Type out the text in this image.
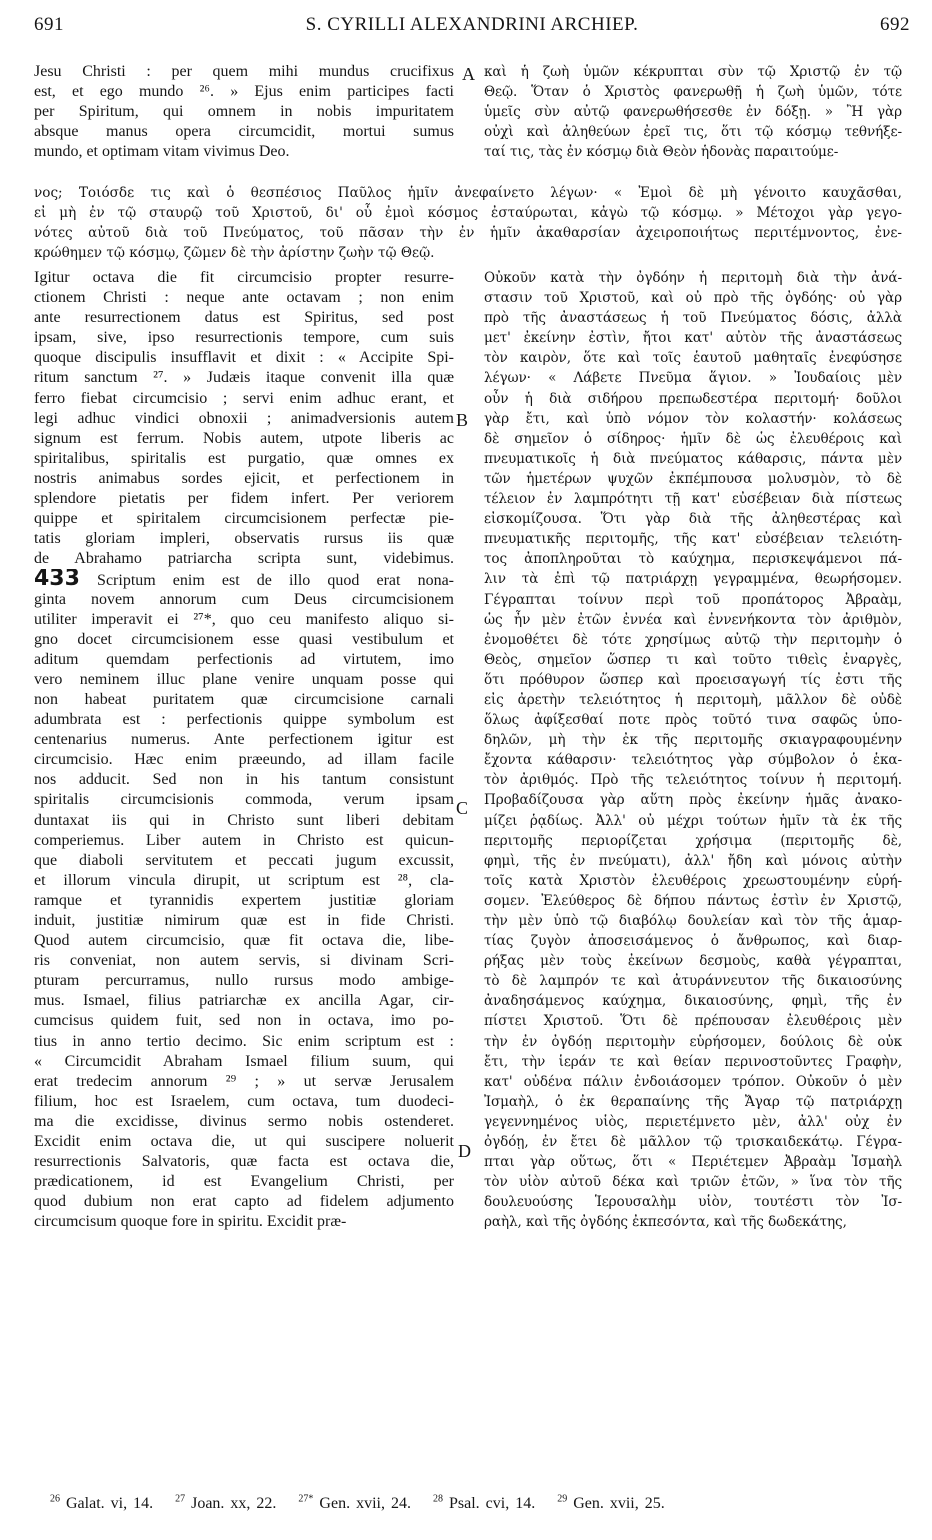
691	S. CYRILLI ALEXANDRINI ARCHIEP.	692
Jesu Christi : per quem mihi mundus crucifixus
est, et ego mundo ²⁶. » Ejus enim participes facti
per Spiritum, qui omnem in nobis impuritatem
absque manus opera circumcidit, mortui sumus
mundo, et optimam vitam vivimus Deo.
καὶ ἡ ζωὴ ὑμῶν κέκρυπται σὺν τῷ Χριστῷ ἐν τῷ
Θεῷ. Ὅταν ὁ Χριστὸς φανερωθῇ ἡ ζωὴ ὑμῶν, τότε
ὑμεῖς σὺν αὐτῷ φανερωθήσεσθε ἐν δόξῃ. » Ἢ γὰρ
οὐχὶ καὶ ἀληθεύων ἐρεῖ τις, ὅτι τῷ κόσμῳ τεθνήξε-
ταί τις, τὰς ἐν κόσμῳ διὰ Θεὸν ἡδονὰς παραιτούμε-
νος; Τοιόσδε τις καὶ ὁ θεσπέσιος Παῦλος ἡμῖν ἀνεφαίνετο λέγων· « Ἐμοὶ δὲ μὴ γένοιτο καυχᾶσθαι,
εἰ μὴ ἐν τῷ σταυρῷ τοῦ Χριστοῦ, δι' οὗ ἐμοὶ κόσμος ἐσταύρωται, κἀγὼ τῷ κόσμῳ. » Μέτοχοι γὰρ γεγο-
νότες αὐτοῦ διὰ τοῦ Πνεύματος, τοῦ πᾶσαν τὴν ἐν ἡμῖν ἀκαθαρσίαν ἀχειροποιήτως περιτέμνοντος, ἐνε-
κρώθημεν τῷ κόσμῳ, ζῶμεν δὲ τὴν ἀρίστην ζωὴν τῷ Θεῷ.
Igitur octava die fit circumcisio propter resurre-
ctionem Christi : neque ante octavam ; non enim
ante resurrectionem datus est Spiritus, sed post
ipsam, sive, ipso resurrectionis tempore, cum suis
quoque discipulis insufflavit et dixit : « Accipite Spi-
ritum sanctum ²⁷. » Judæis itaque convenit illa quæ
ferro fiebat circumcisio ; servi enim adhuc erant, et
legi adhuc vindici obnoxii ; animadversionis autem
signum est ferrum. Nobis autem, utpote liberis ac
spiritalibus, spiritalis est purgatio, quæ omnes ex
nostris animabus sordes ejicit, et perfectionem in
splendore pietatis per fidem infert. Per veriorem
quippe et spiritalem circumcisionem perfectæ pie-
tatis gloriam impleri, observatis rursus iis quæ
de Abrahamo patriarcha scripta sunt, videbimus.
433 Scriptum enim est de illo quod erat nona-
ginta novem annorum cum Deus circumcisionem
utiliter imperavit ei ²⁷*, quo ceu manifesto aliquo si-
gno docet circumcisionem esse quasi vestibulum et
aditum quemdam perfectionis ad virtutem, imo
vero neminem illuc plane venire unquam posse qui
non habeat puritatem quæ circumcisione carnali
adumbrata est : perfectionis quippe symbolum est
centenarius numerus. Ante perfectionem igitur est
circumcisio. Hæc enim præeundo, ad illam facile
nos adducit. Sed non in his tantum consistunt
spiritalis circumcisionis commoda, verum ipsam
duntaxat iis qui in Christo sunt liberi debitam
comperiemus. Liber autem in Christo est quicun-
que diaboli servitutem et peccati jugum excussit,
et illorum vincula dirupit, ut scriptum est ²⁸, cla-
ramque et tyrannidis expertem justitiæ gloriam
induit, justitiæ nimirum quæ est in fide Christi.
Quod autem circumcisio, quæ fit octava die, libe-
ris conveniat, non autem servis, si divinam Scri-
pturam percurramus, nullo rursus modo ambige-
mus. Ismael, filius patriarchæ ex ancilla Agar, cir-
cumcisus quidem fuit, sed non in octava, imo po-
tius in anno tertio decimo. Sic enim scriptum est :
« Circumcidit Abraham Ismael filium suum, qui
erat tredecim annorum ²⁹ ; » ut servæ Jerusalem
filium, hoc est Israelem, cum octava, tum duodeci-
ma die excidisse, divinus sermo nobis ostenderet.
Excidit enim octava die, ut qui suscipere noluerit
resurrectionis Salvatoris, quæ facta est octava die,
prædicationem, id est Evangelium Christi, per
quod dubium non erat capto ad fidelem adjumento
circumcisum quoque fore in spiritu. Excidit præ-
Οὐκοῦν κατὰ τὴν ὀγδόην ἡ περιτομὴ διὰ τὴν ἀνά-
στασιν τοῦ Χριστοῦ, καὶ οὐ πρὸ τῆς ὀγδόης· οὐ γὰρ
πρὸ τῆς ἀναστάσεως ἡ τοῦ Πνεύματος δόσις, ἀλλὰ
μετ' ἐκείνην ἐστὶν, ἤτοι κατ' αὐτὸν τῆς ἀναστάσεως
τὸν καιρὸν, ὅτε καὶ τοῖς ἑαυτοῦ μαθηταῖς ἐνεφύσησε
λέγων· « Λάβετε Πνεῦμα ἅγιον. » Ἰουδαίοις μὲν
οὖν ἡ διὰ σιδήρου πρεπωδεστέρα περιτομή· δοῦλοι
γὰρ ἔτι, καὶ ὑπὸ νόμον τὸν κολαστήν· κολάσεως
δὲ σημεῖον ὁ σίδηρος· ἡμῖν δὲ ὡς ἐλευθέροις καὶ
πνευματικοῖς ἡ διὰ πνεύματος κάθαρσις, πάντα μὲν
τῶν ἡμετέρων ψυχῶν ἐκπέμπουσα μολυσμὸν, τὸ δὲ
τέλειον ἐν λαμπρότητι τῇ κατ' εὐσέβειαν διὰ πίστεως
εἰσκομίζουσα. Ὅτι γὰρ διὰ τῆς ἀληθεστέρας καὶ
πνευματικῆς περιτομῆς, τῆς κατ' εὐσέβειαν τελειότη-
τος ἀποπληροῦται τὸ καύχημα, περισκεψάμενοι πά-
λιν τὰ ἐπὶ τῷ πατριάρχῃ γεγραμμένα, θεωρήσομεν.
Γέγραπται τοίνυν περὶ τοῦ προπάτορος Ἀβραὰμ,
ὡς ἦν μὲν ἐτῶν ἐννέα καὶ ἐννενήκοντα τὸν ἀριθμὸν,
ἐνομοθέτει δὲ τότε χρησίμως αὐτῷ τὴν περιτομὴν ὁ
Θεὸς, σημεῖον ὥσπερ τι καὶ τοῦτο τιθεὶς ἐναργὲς,
ὅτι πρόθυρον ὥσπερ καὶ προεισαγωγή τίς ἐστι τῆς
εἰς ἀρετὴν τελειότητος ἡ περιτομὴ, μᾶλλον δὲ οὐδὲ
ὅλως ἀφίξεσθαί ποτε πρὸς τοῦτό τινα σαφῶς ὑπο-
δηλῶν, μὴ τὴν ἐκ τῆς περιτομῆς σκιαγραφουμένην
ἔχοντα κάθαρσιν· τελειότητος γὰρ σύμβολον ὁ ἑκα-
τὸν ἀριθμός. Πρὸ τῆς τελειότητος τοίνυν ἡ περιτομή.
Προβαδίζουσα γὰρ αὕτη πρὸς ἐκείνην ἡμᾶς ἀνακο-
μίζει ῥᾳδίως. Ἀλλ' οὐ μέχρι τούτων ἡμῖν τὰ ἐκ τῆς
περιτομῆς περιορίζεται χρήσιμα (περιτομῆς δὲ,
φημὶ, τῆς ἐν πνεύματι), ἀλλ' ἤδη καὶ μόνοις αὐτὴν
τοῖς κατὰ Χριστὸν ἐλευθέροις χρεωστουμένην εὑρή-
σομεν. Ἐλεύθερος δὲ δήπου πάντως ἐστὶν ἐν Χριστῷ,
τὴν μὲν ὑπὸ τῷ διαβόλῳ δουλείαν καὶ τὸν τῆς ἁμαρ-
τίας ζυγὸν ἀποσεισάμενος ὁ ἄνθρωπος, καὶ διαρ-
ρήξας μὲν τοὺς ἐκείνων δεσμοὺς, καθὰ γέγραπται,
τὸ δὲ λαμπρόν τε καὶ ἀτυράννευτον τῆς δικαιοσύνης
ἀναδησάμενος καύχημα, δικαιοσύνης, φημὶ, τῆς ἐν
πίστει Χριστοῦ. Ὅτι δὲ πρέπουσαν ἐλευθέροις μὲν
τὴν ἐν ὀγδόῃ περιτομὴν εὑρήσομεν, δούλοις δὲ οὐκ
ἔτι, τὴν ἱεράν τε καὶ θείαν περινοστοῦντες Γραφὴν,
κατ' οὐδένα πάλιν ἐνδοιάσομεν τρόπον. Οὐκοῦν ὁ μὲν
Ἰσμαὴλ, ὁ ἐκ θεραπαίνης τῆς Ἄγαρ τῷ πατριάρχῃ
γεγεννημένος υἱὸς, περιετέμνετο μὲν, ἀλλ' οὐχ ἐν
ὀγδόῃ, ἐν ἔτει δὲ μᾶλλον τῷ τρισκαιδεκάτῳ. Γέγρα-
πται γὰρ οὕτως, ὅτι « Περιέτεμεν Ἀβραὰμ Ἰσμαὴλ
τὸν υἱὸν αὐτοῦ δέκα καὶ τριῶν ἐτῶν, » ἵνα τὸν τῆς
δουλευούσης Ἱερουσαλὴμ υἱὸν, τουτέστι τὸν Ἰσ-
ραὴλ, καὶ τῆς ὀγδόης ἐκπεσόντα, καὶ τῆς δωδεκάτης,
A
B
C
D
$^{26}$ Galat. vi, 14. $^{27}$ Joan. xx, 22. $^{27*}$ Gen. xvii, 24. $^{28}$ Psal. cvi, 14. $^{29}$ Gen. xvii, 25.
